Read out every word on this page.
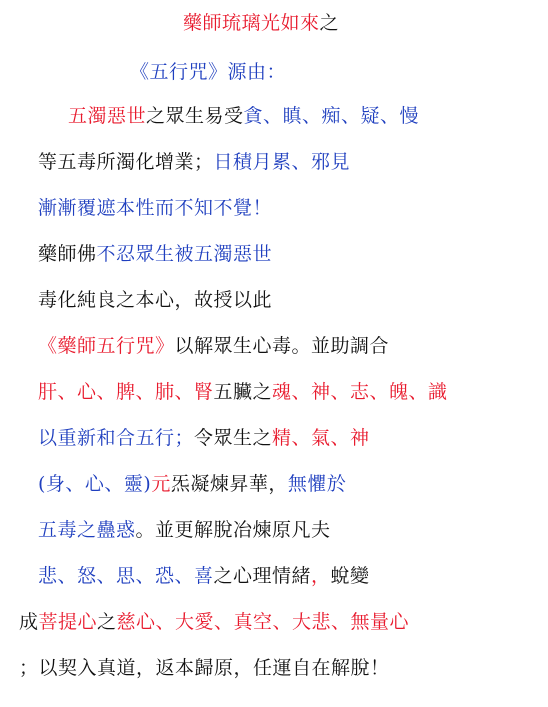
藥師琉璃光如來之
《五行咒》源由：
五濁惡世之眾生易受貪、瞋、痴、疑、慢
等五毒所濁化增業；日積月累、邪見
漸漸覆遮本性而不知不覺！
藥師佛不忍眾生被五濁惡世
毒化純良之本心，故授以此
《藥師五行咒》以解眾生心毒。並助調合
肝、心、脾、肺、腎五臟之魂、神、志、魄、識
以重新和合五行；令眾生之精、氣、神
(身、心、靈)元炁凝煉昇華，無懼於
五毒之蠱惑。並更解脫冶煉原凡夫
悲、怒、思、恐、喜之心理情緒，蛻變
成菩提心之慈心、大愛、真空、大悲、無量心
；以契入真道，返本歸原，任運自在解脫！
